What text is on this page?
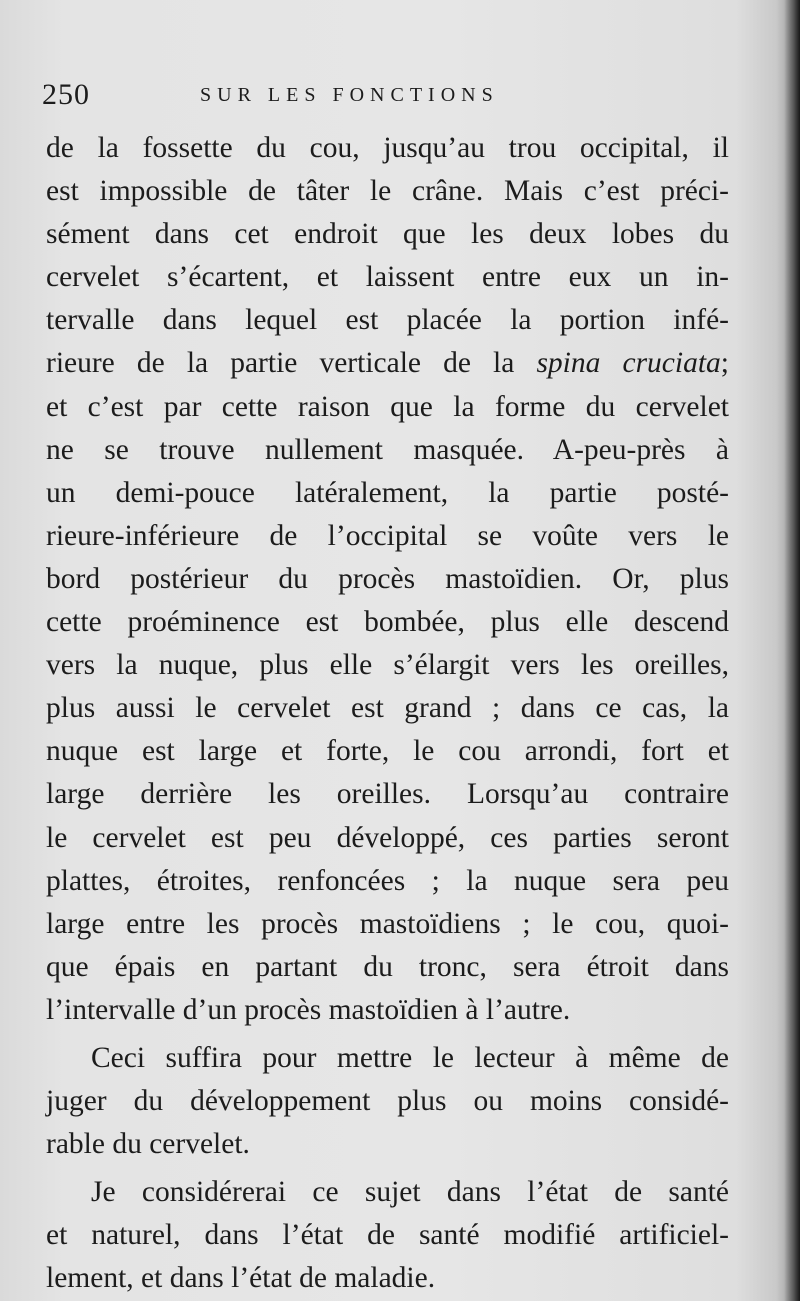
250	SUR LES FONCTIONS
de la fossette du cou, jusqu’au trou occipital, il
est impossible de tâter le crâne. Mais c’est préci-
sément dans cet endroit que les deux lobes du
cervelet s’écartent, et laissent entre eux un in-
tervalle dans lequel est placée la portion infé-
rieure de la partie verticale de la spina cruciata;
et c’est par cette raison que la forme du cervelet
ne se trouve nullement masquée. A-peu-près à
un demi-pouce latéralement, la partie posté-
rieure-inférieure de l’occipital se voûte vers le
bord postérieur du procès mastoïdien. Or, plus
cette proéminence est bombée, plus elle descend
vers la nuque, plus elle s’élargit vers les oreilles,
plus aussi le cervelet est grand ; dans ce cas, la
nuque est large et forte, le cou arrondi, fort et
large derrière les oreilles. Lorsqu’au contraire
le cervelet est peu développé, ces parties seront
plattes, étroites, renfoncées ; la nuque sera peu
large entre les procès mastoïdiens ; le cou, quoi-
que épais en partant du tronc, sera étroit dans
l’intervalle d’un procès mastoïdien à l’autre.
Ceci suffira pour mettre le lecteur à même de
juger du développement plus ou moins considé-
rable du cervelet.
Je considérerai ce sujet dans l’état de santé
et naturel, dans l’état de santé modifié artificiel-
lement, et dans l’état de maladie.
